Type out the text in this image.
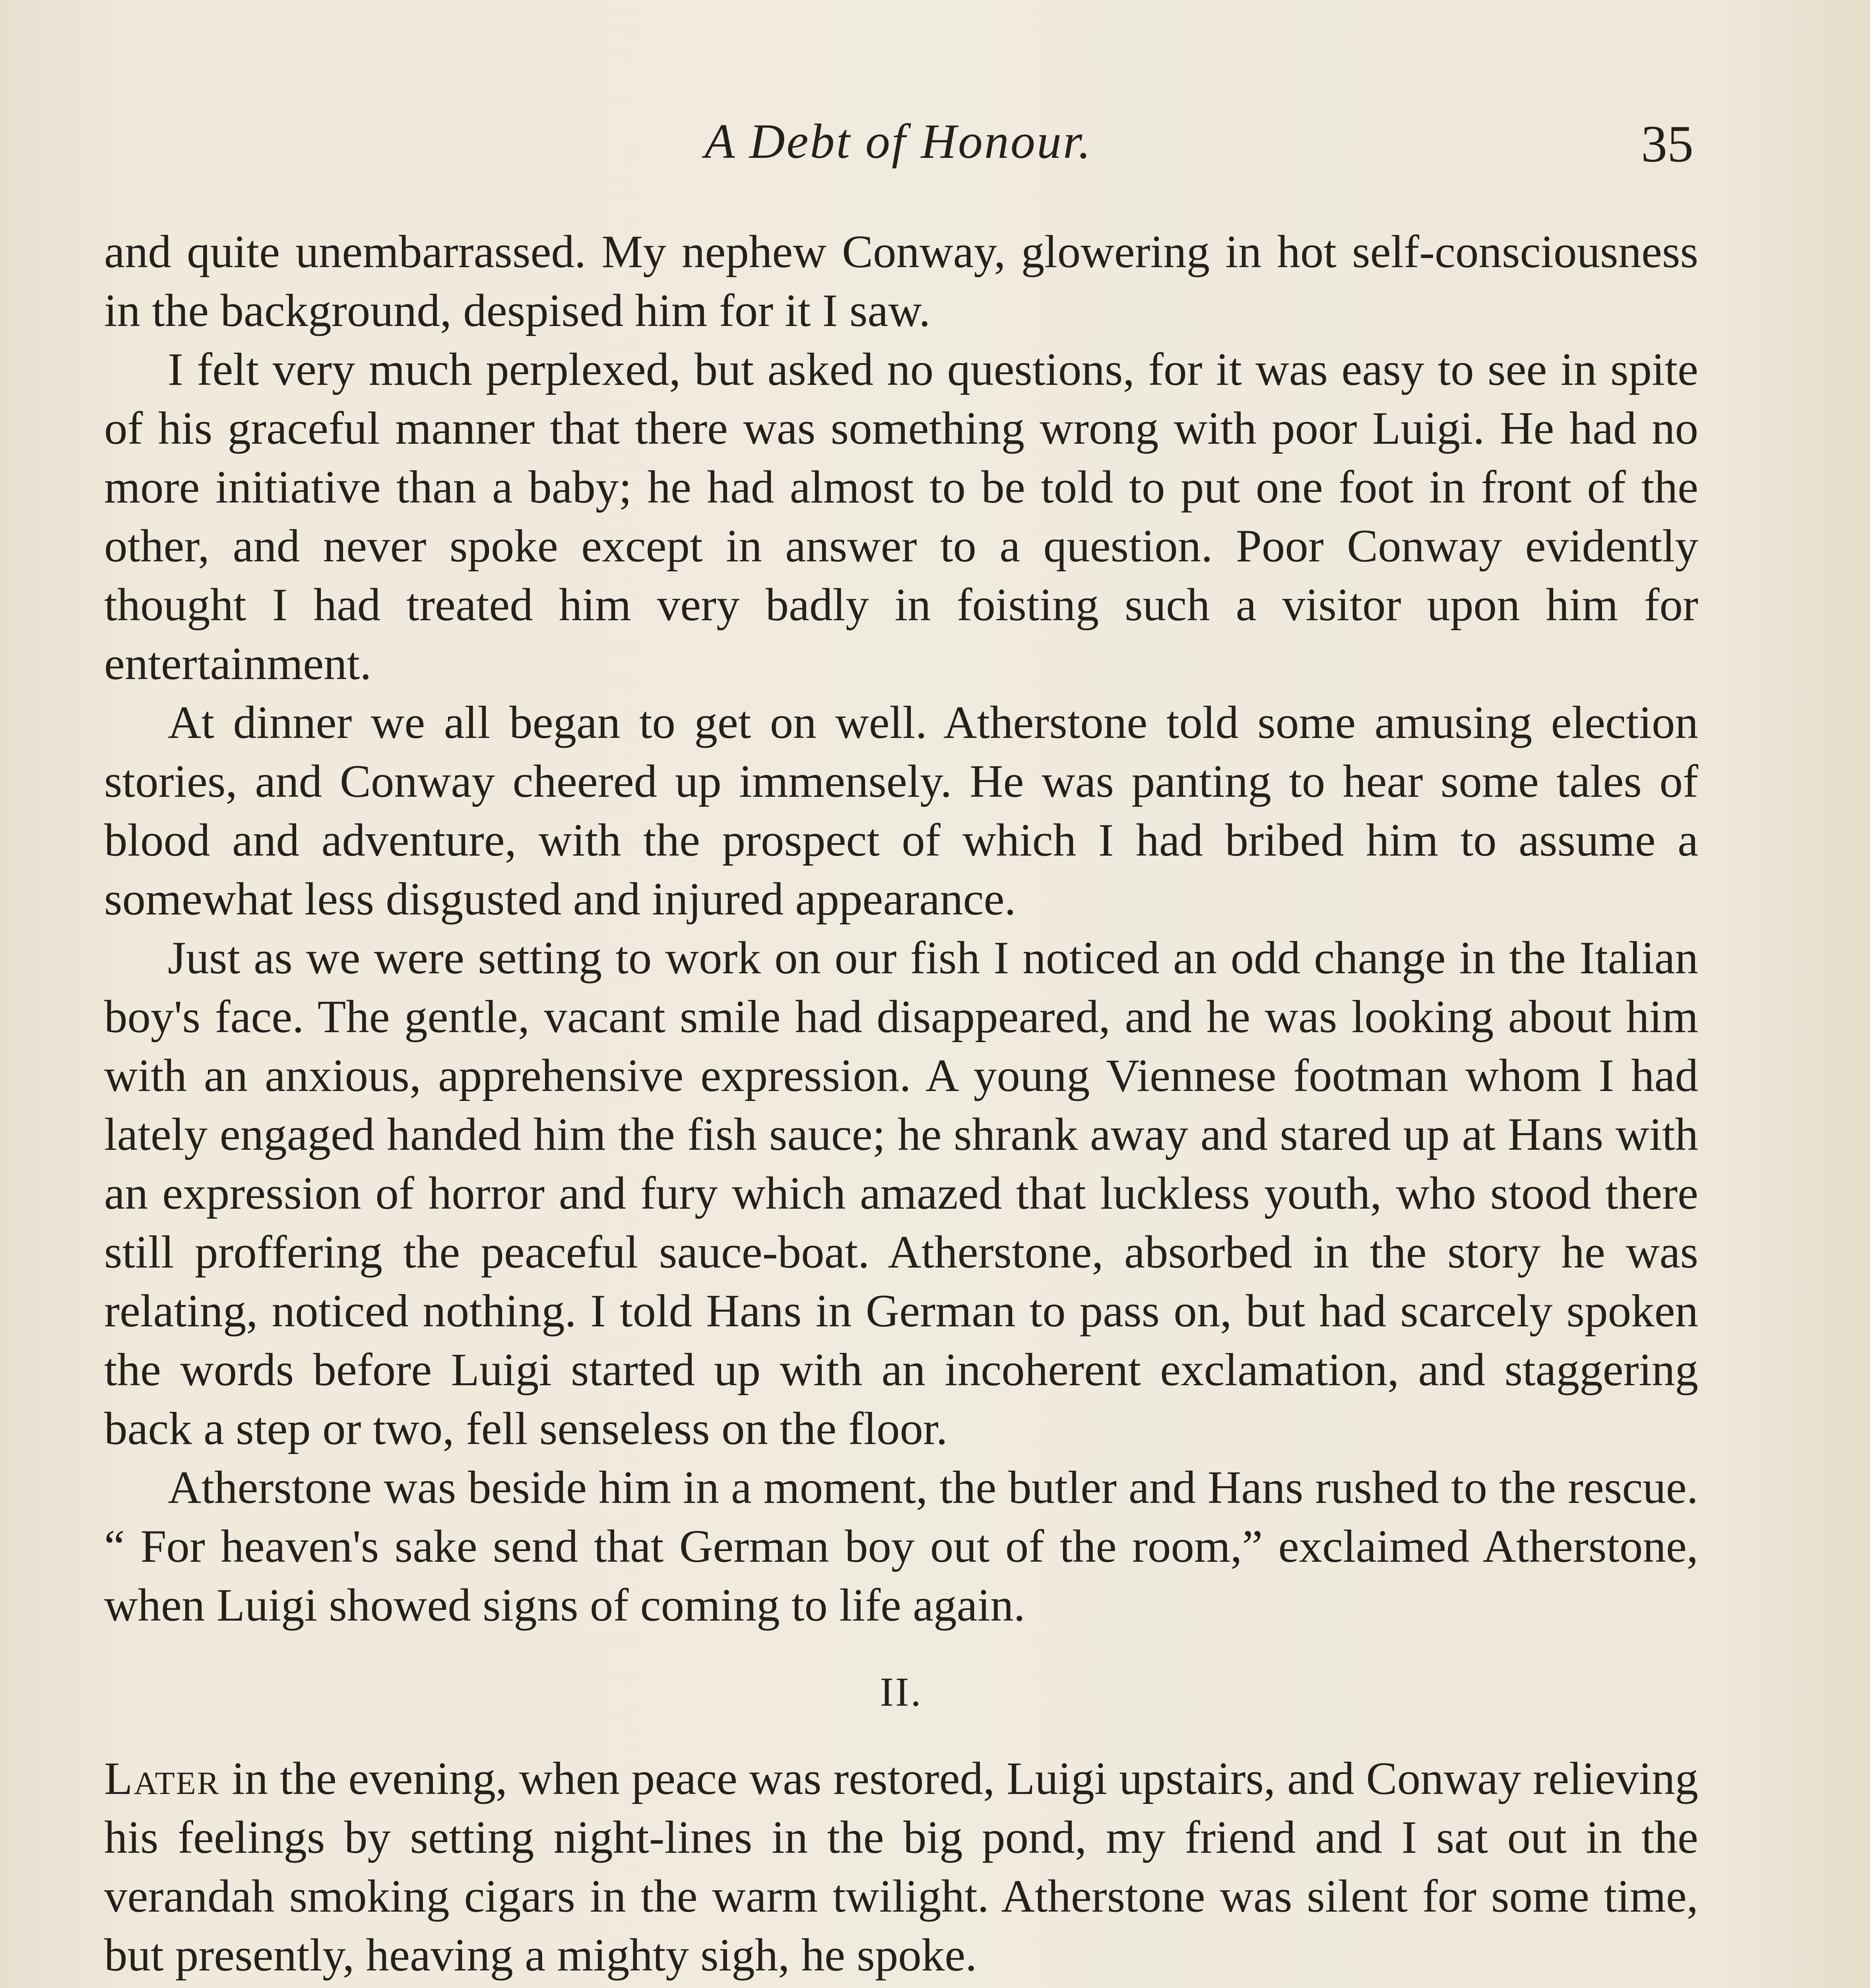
A Debt of Honour.	35

and quite unembarrassed. My nephew Conway, glowering in hot self-consciousness in the background, despised him for it I saw.

I felt very much perplexed, but asked no questions, for it was easy to see in spite of his graceful manner that there was something wrong with poor Luigi. He had no more initiative than a baby; he had almost to be told to put one foot in front of the other, and never spoke except in answer to a question. Poor Conway evidently thought I had treated him very badly in foisting such a visitor upon him for entertainment.

At dinner we all began to get on well. Atherstone told some amusing election stories, and Conway cheered up immensely. He was panting to hear some tales of blood and adventure, with the prospect of which I had bribed him to assume a somewhat less disgusted and injured appearance.

Just as we were setting to work on our fish I noticed an odd change in the Italian boy's face. The gentle, vacant smile had disappeared, and he was looking about him with an anxious, apprehensive expression. A young Viennese footman whom I had lately engaged handed him the fish sauce; he shrank away and stared up at Hans with an expression of horror and fury which amazed that luckless youth, who stood there still proffering the peaceful sauce-boat. Atherstone, absorbed in the story he was relating, noticed nothing. I told Hans in German to pass on, but had scarcely spoken the words before Luigi started up with an incoherent exclamation, and staggering back a step or two, fell senseless on the floor.

Atherstone was beside him in a moment, the butler and Hans rushed to the rescue. “ For heaven's sake send that German boy out of the room,” exclaimed Atherstone, when Luigi showed signs of coming to life again.

II.

Later in the evening, when peace was restored, Luigi upstairs, and Conway relieving his feelings by setting night-lines in the big pond, my friend and I sat out in the verandah smoking cigars in the warm twilight. Atherstone was silent for some time, but presently, heaving a mighty sigh, he spoke.
